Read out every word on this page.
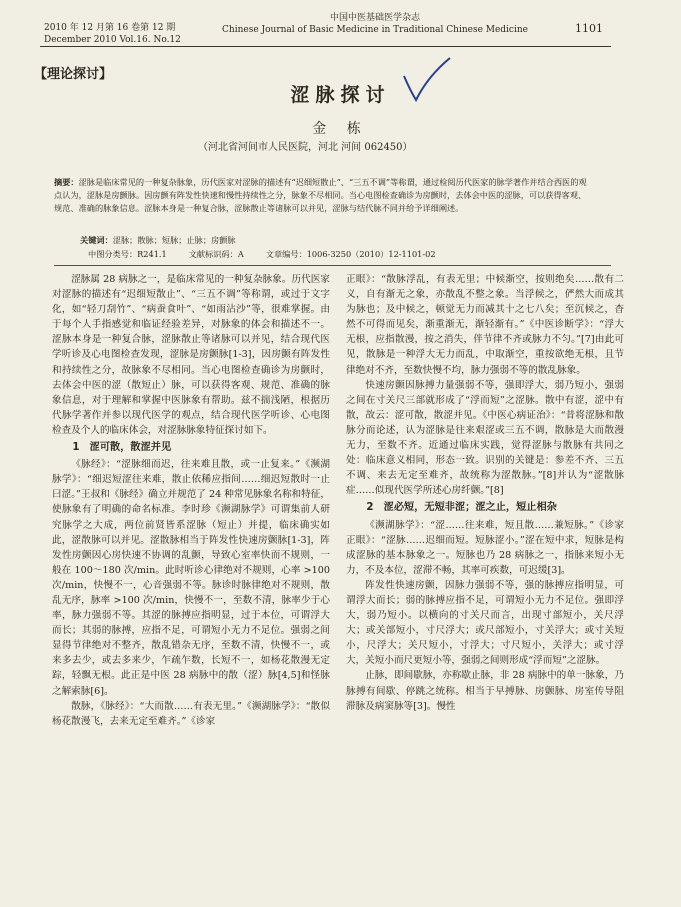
2010 年 12 月第 16 卷第 12 期
December 2010 Vol.16. No.12
中国中医基础医学杂志
Chinese Journal of Basic Medicine in Traditional Chinese Medicine	1101
【理论探讨】
涩脉探讨
金 栋
（河北省河间市人民医院，河北 河间 062450）
摘要：涩脉是临床常见的一种复杂脉象，历代医家对涩脉的描述有“迟细短散止”、“三五不调”等称谓，通过检阅历代医家的脉学著作并结合西医的观点认为，涩脉是房颤脉。因房颤有阵发性快速和慢性持续性之分，脉象不尽相同。当心电图检查确诊为房颤时，去体会中医的涩脉，可以获得客观、规范、准确的脉象信息。涩脉本身是一种复合脉，涩脉散止等诸脉可以并见，涩脉与结代脉不同并给予详细阐述。
关键词：涩脉；散脉；短脉；止脉；房颤脉
中图分类号：R241.1	文献标识码：A	文章编号：1006-3250（2010）12-1101-02

涩脉属 28 病脉之一，是临床常见的一种复杂脉象。历代医家对涩脉的描述有“迟细短散止”、“三五不调”等称谓，或过于文字化，如“轻刀刮竹”、“病蚕食叶”、“如雨沾沙”等，很难掌握。由于每个人手指感觉和临证经验差异，对脉象的体会和描述不一。涩脉本身是一种复合脉，涩脉散止等诸脉可以并见，结合现代医学听诊及心电图检查发现，涩脉是房颤脉[1-3]，因房颤有阵发性和持续性之分，故脉象不尽相同。当心电图检查确诊为房颤时，去体会中医的涩（散短止）脉，可以获得客观、规范、准确的脉象信息，对于理解和掌握中医脉象有帮助。兹不揣浅陋，根据历代脉学著作并参以现代医学的观点，结合现代医学听诊、心电图检查及个人的临床体会，对涩脉脉象特征探讨如下。

1　涩可散，散涩并见

《脉经》：“涩脉细而迟，往来难且散，或一止复来。”《濒湖脉学》：“细迟短涩往来难，散止依稀应指间……细迟短散时一止曰涩。”王叔和《脉经》确立并规范了 24 种常见脉象名称和特征，使脉象有了明确的命名标准。李时珍《濒湖脉学》可谓集前人研究脉学之大成，两位前贤皆系涩脉（短止）并提，临床确实如此，涩散脉可以并见。涩散脉相当于阵发性快速房颤脉[1-3]，阵发性房颤因心房快速不协调的乱颤，导致心室率快而不规则，一般在 100～180 次/min。此时听诊心律绝对不规则，心率 >100 次/min，快慢不一，心音强弱不等。脉诊时脉律绝对不规则，散乱无序，脉率 >100 次/min，快慢不一，至数不清，脉率少于心率，脉力强弱不等。其涩的脉搏应指明显，过于本位，可谓浮大而长；其弱的脉搏，应指不足，可谓短小无力不足位。强弱之间显得节律绝对不整齐，散乱错杂无序，至数不清，快慢不一，或来多去少，或去多来少，乍疏乍数，长短不一，如杨花散漫无定踪，轻飘无根。此正是中医 28 病脉中的散（涩）脉[4,5]和怪脉之解索脉[6]。

散脉，《脉经》：“大而散……有表无里。”《濒湖脉学》：“散似杨花散漫飞，去来无定至难齐。”《诊家

正眼》：“散脉浮乱，有表无里；中候渐空，按则绝矣……散有二义，自有渐无之象，亦散乱不整之象。当浮候之，俨然大而成其为脉也；及中候之，顿觉无力而减其十之七八矣；至沉候之，杳然不可得而见矣，渐重渐无，渐轻渐有。”《中医诊断学》：“浮大无根，应指散漫，按之消失，伴节律不齐或脉力不匀。”[7]由此可见，散脉是一种浮大无力而乱，中取渐空，重按欲绝无根，且节律绝对不齐，至数快慢不均，脉力强弱不等的散乱脉象。

快速房颤因脉搏力量强弱不等，强即浮大，弱乃短小，强弱之间在寸关尺三部就形成了“浮而短”之涩脉。散中有涩，涩中有散，故云：涩可散，散涩并见。《中医心病证治》：“昔将涩脉和散脉分而论述，认为涩脉是往来艰涩或三五不调，散脉是大而散漫无力，至数不齐。近通过临床实践，觉得涩脉与散脉有共同之处：临床意义相同，形态一致。识别的关键是：参差不齐、三五不调、来去无定至难齐，故统称为涩散脉。”[8]并认为“涩散脉症……似现代医学所述心房纤颤。”[8]

2　涩必短，无短非涩；涩之止，短止相杂

《濒湖脉学》：“涩……往来难，短且散……兼短脉。”《诊家正眼》：“涩脉……迟细而短。短脉涩小。”涩在短中求，短脉是构成涩脉的基本脉象之一。短脉也乃 28 病脉之一，指脉来短小无力，不及本位，涩滞不畅，其率可疾数，可迟缓[3]。

阵发性快速房颤，因脉力强弱不等，强的脉搏应指明显，可谓浮大而长；弱的脉搏应指不足，可谓短小无力不足位。强即浮大，弱乃短小。以横向的寸关尺而言，出现寸部短小，关尺浮大；或关部短小，寸尺浮大；或尺部短小，寸关浮大；或寸关短小，尺浮大；关尺短小，寸浮大；寸尺短小，关浮大；或寸浮大，关短小而尺更短小等，强弱之间则形成“浮而短”之涩脉。

止脉，即间歇脉，亦称歇止脉，非 28 病脉中的单一脉象，乃脉搏有间歇、停跳之统称。相当于早搏脉、房颤脉、房室传导阻滞脉及病窦脉等[3]。慢性
